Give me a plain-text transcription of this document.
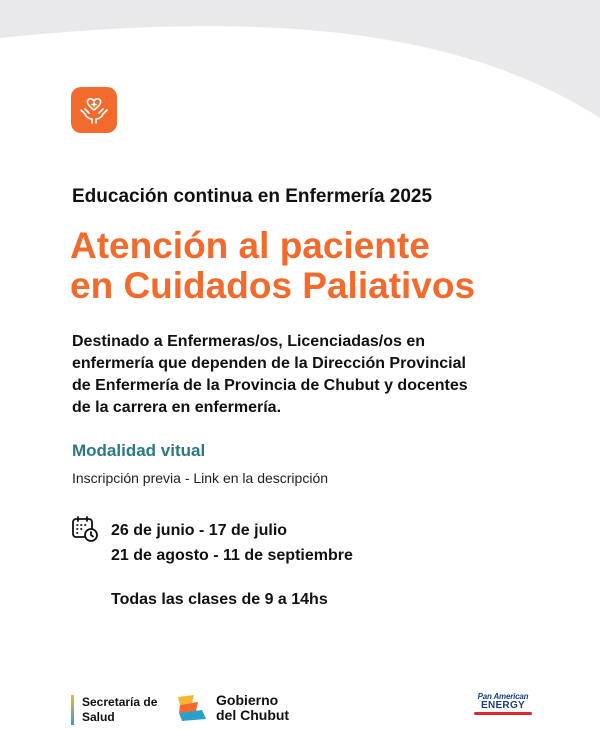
Educación continua en Enfermería 2025
Atención al paciente
en Cuidados Paliativos
Destinado a Enfermeras/os, Licenciadas/os en
enfermería que dependen de la Dirección Provincial
de Enfermería de la Provincia de Chubut y docentes
de la carrera en enfermería.
Modalidad vitual
Inscripción previa - Link en la descripción
26 de junio - 17 de julio
21 de agosto - 11 de septiembre
Todas las clases de 9 a 14hs
Secretaría de
Salud
Gobierno
del Chubut
Pan American
ENERGY
